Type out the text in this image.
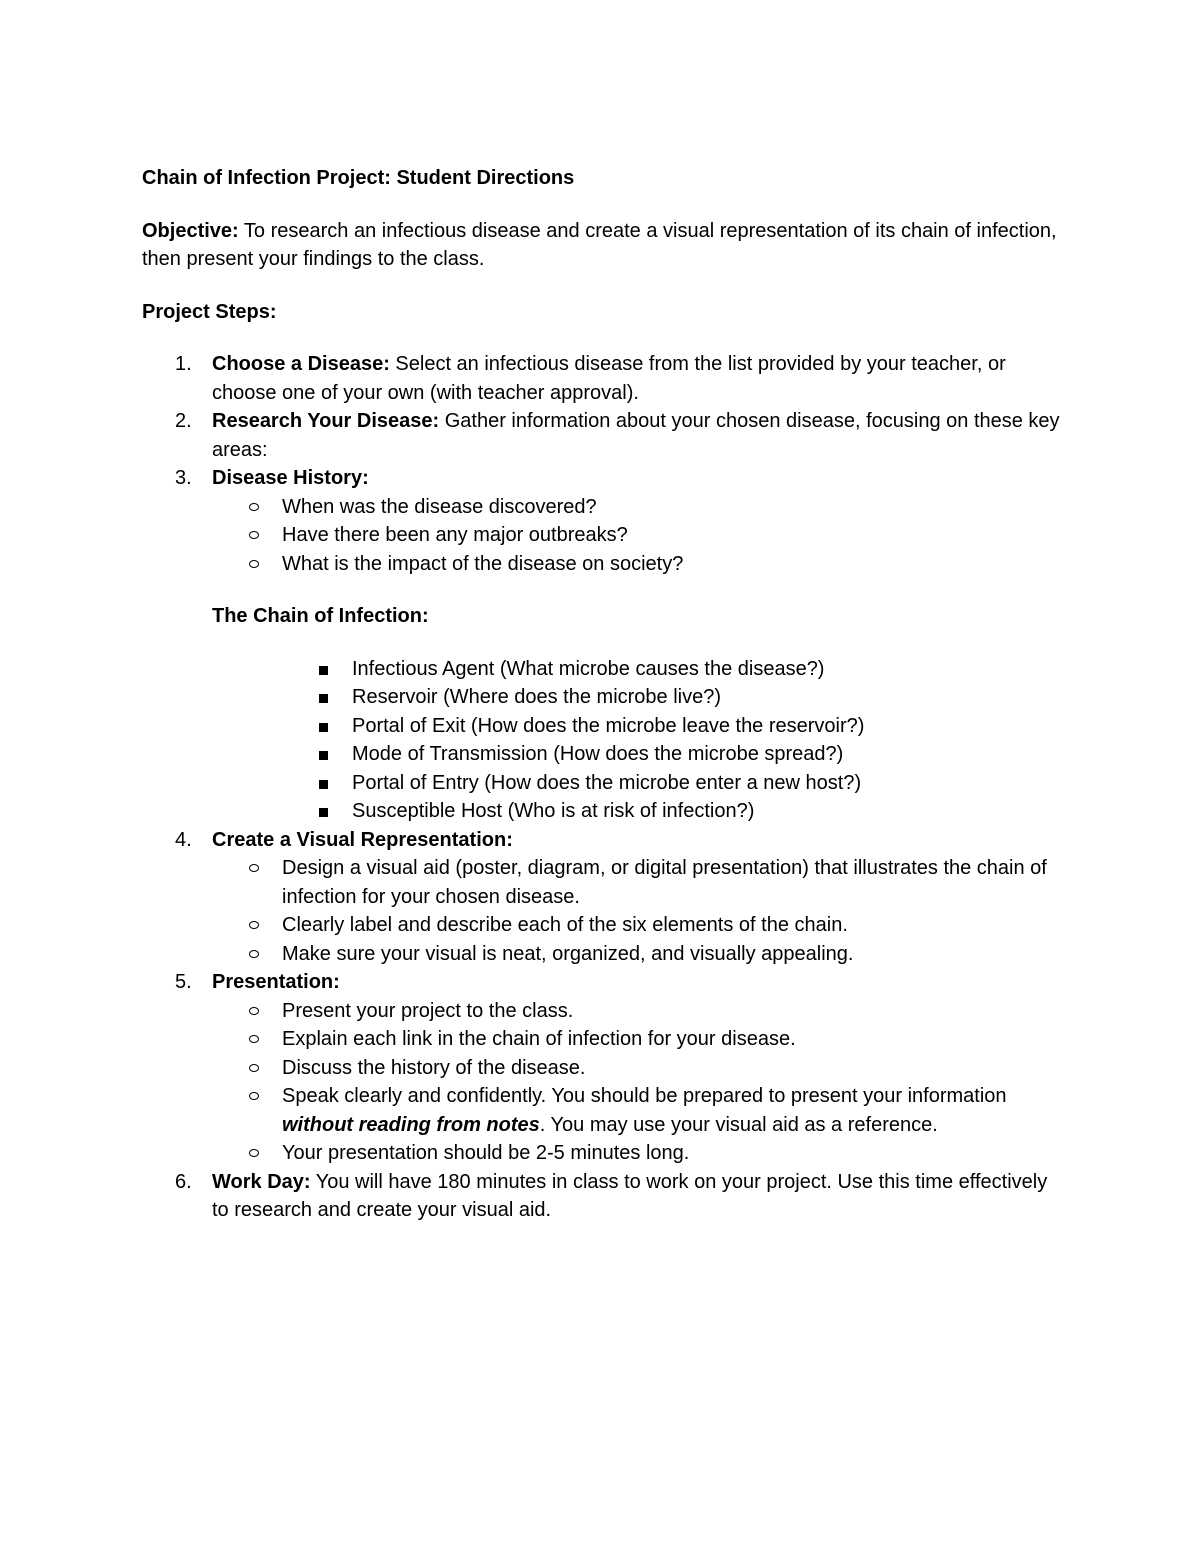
Chain of Infection Project: Student Directions

Objective: To research an infectious disease and create a visual representation of its chain of infection, then present your findings to the class.

Project Steps:

1. Choose a Disease: Select an infectious disease from the list provided by your teacher, or choose one of your own (with teacher approval).
2. Research Your Disease: Gather information about your chosen disease, focusing on these key areas:
3. Disease History:
When was the disease discovered?
Have there been any major outbreaks?
What is the impact of the disease on society?

The Chain of Infection:

Infectious Agent (What microbe causes the disease?)
Reservoir (Where does the microbe live?)
Portal of Exit (How does the microbe leave the reservoir?)
Mode of Transmission (How does the microbe spread?)
Portal of Entry (How does the microbe enter a new host?)
Susceptible Host (Who is at risk of infection?)
4. Create a Visual Representation:
Design a visual aid (poster, diagram, or digital presentation) that illustrates the chain of infection for your chosen disease.
Clearly label and describe each of the six elements of the chain.
Make sure your visual is neat, organized, and visually appealing.
5. Presentation:
Present your project to the class.
Explain each link in the chain of infection for your disease.
Discuss the history of the disease.
Speak clearly and confidently. You should be prepared to present your information without reading from notes. You may use your visual aid as a reference.
Your presentation should be 2-5 minutes long.
6. Work Day: You will have 180 minutes in class to work on your project. Use this time effectively to research and create your visual aid.
